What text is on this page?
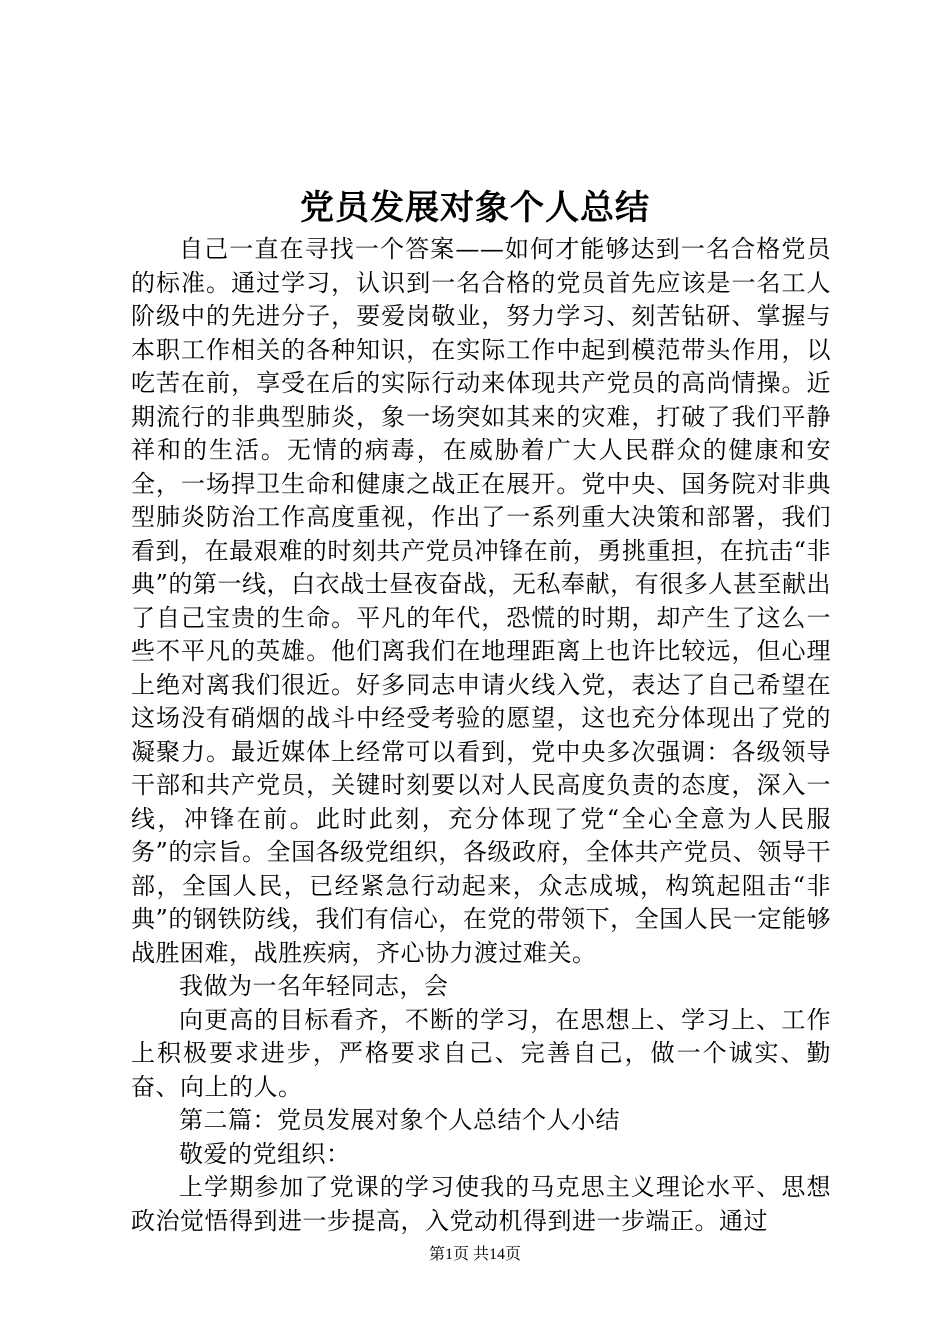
党员发展对象个人总结

自己一直在寻找一个答案——如何才能够达到一名合格党员的标准。通过学习，认识到一名合格的党员首先应该是一名工人阶级中的先进分子，要爱岗敬业，努力学习、刻苦钻研、掌握与本职工作相关的各种知识，在实际工作中起到模范带头作用，以吃苦在前，享受在后的实际行动来体现共产党员的高尚情操。近期流行的非典型肺炎，象一场突如其来的灾难，打破了我们平静祥和的生活。无情的病毒，在威胁着广大人民群众的健康和安全，一场捍卫生命和健康之战正在展开。党中央、国务院对非典型肺炎防治工作高度重视，作出了一系列重大决策和部署，我们看到，在最艰难的时刻共产党员冲锋在前，勇挑重担，在抗击“非典”的第一线，白衣战士昼夜奋战，无私奉献，有很多人甚至献出了自己宝贵的生命。平凡的年代，恐慌的时期，却产生了这么一些不平凡的英雄。他们离我们在地理距离上也许比较远，但心理上绝对离我们很近。好多同志申请火线入党，表达了自己希望在这场没有硝烟的战斗中经受考验的愿望，这也充分体现出了党的凝聚力。最近媒体上经常可以看到，党中央多次强调：各级领导干部和共产党员，关键时刻要以对人民高度负责的态度，深入一线，冲锋在前。此时此刻，充分体现了党“全心全意为人民服务”的宗旨。全国各级党组织，各级政府，全体共产党员、领导干部，全国人民，已经紧急行动起来，众志成城，构筑起阻击“非典”的钢铁防线，我们有信心，在党的带领下，全国人民一定能够战胜困难，战胜疾病，齐心协力渡过难关。

我做为一名年轻同志，会

向更高的目标看齐，不断的学习，在思想上、学习上、工作上积极要求进步，严格要求自己、完善自己，做一个诚实、勤奋、向上的人。

第二篇：党员发展对象个人总结个人小结

敬爱的党组织：

上学期参加了党课的学习使我的马克思主义理论水平、思想政治觉悟得到进一步提高，入党动机得到进一步端正。通过

第1页 共14页
